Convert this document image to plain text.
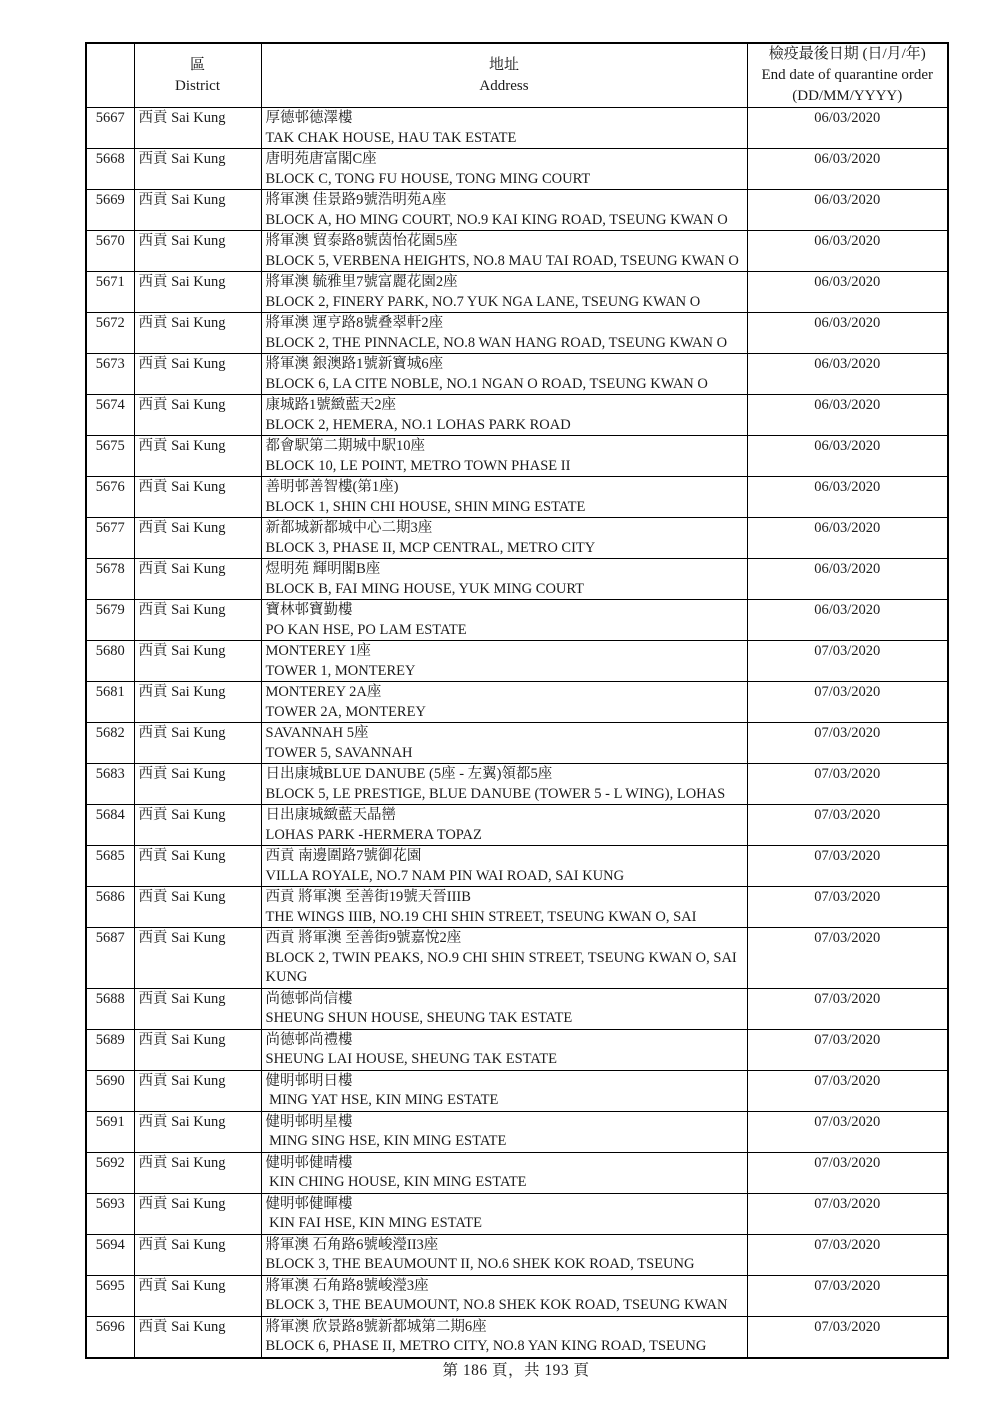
區
District

地址
Address

檢疫最後日期 (日/月/年)
End date of quarantine order
(DD/MM/YYYY)

5667	西貢 Sai Kung	厚德邨德澤樓
TAK CHAK HOUSE, HAU TAK ESTATE	06/03/2020
5668	西貢 Sai Kung	唐明苑唐富閣C座
BLOCK C, TONG FU HOUSE, TONG MING COURT	06/03/2020
5669	西貢 Sai Kung	將軍澳 佳景路9號浩明苑A座
BLOCK A, HO MING COURT, NO.9 KAI KING ROAD, TSEUNG KWAN O	06/03/2020
5670	西貢 Sai Kung	將軍澳 貿泰路8號茵怡花園5座
BLOCK 5, VERBENA HEIGHTS, NO.8 MAU TAI ROAD, TSEUNG KWAN O	06/03/2020
5671	西貢 Sai Kung	將軍澳 毓雅里7號富麗花園2座
BLOCK 2, FINERY PARK, NO.7 YUK NGA LANE, TSEUNG KWAN O	06/03/2020
5672	西貢 Sai Kung	將軍澳 運亨路8號叠翠軒2座
BLOCK 2, THE PINNACLE, NO.8 WAN HANG ROAD, TSEUNG KWAN O	06/03/2020
5673	西貢 Sai Kung	將軍澳 銀澳路1號新寶城6座
BLOCK 6, LA CITE NOBLE, NO.1 NGAN O ROAD, TSEUNG KWAN O	06/03/2020
5674	西貢 Sai Kung	康城路1號緻藍天2座
BLOCK 2, HEMERA, NO.1 LOHAS PARK ROAD	06/03/2020
5675	西貢 Sai Kung	都會駅第二期城中駅10座
BLOCK 10, LE POINT, METRO TOWN PHASE II	06/03/2020
5676	西貢 Sai Kung	善明邨善智樓(第1座)
BLOCK 1, SHIN CHI HOUSE, SHIN MING ESTATE	06/03/2020
5677	西貢 Sai Kung	新都城新都城中心二期3座
BLOCK 3, PHASE II, MCP CENTRAL, METRO CITY	06/03/2020
5678	西貢 Sai Kung	煜明苑 輝明閣B座
BLOCK B, FAI MING HOUSE, YUK MING COURT	06/03/2020
5679	西貢 Sai Kung	寶林邨寶勤樓
PO KAN HSE, PO LAM ESTATE	06/03/2020
5680	西貢 Sai Kung	MONTEREY 1座
TOWER 1, MONTEREY	07/03/2020
5681	西貢 Sai Kung	MONTEREY 2A座
TOWER 2A, MONTEREY	07/03/2020
5682	西貢 Sai Kung	SAVANNAH 5座
TOWER 5, SAVANNAH	07/03/2020
5683	西貢 Sai Kung	日出康城BLUE DANUBE (5座 - 左翼)領都5座
BLOCK 5, LE PRESTIGE, BLUE DANUBE (TOWER 5 - L WING), LOHAS	07/03/2020
5684	西貢 Sai Kung	日出康城緻藍天晶巒
LOHAS PARK -HERMERA TOPAZ	07/03/2020
5685	西貢 Sai Kung	西貢 南邊圍路7號御花園
VILLA ROYALE, NO.7 NAM PIN WAI ROAD, SAI KUNG	07/03/2020
5686	西貢 Sai Kung	西貢 將軍澳 至善街19號天晉IIIB
THE WINGS IIIB, NO.19 CHI SHIN STREET, TSEUNG KWAN O, SAI	07/03/2020
5687	西貢 Sai Kung	西貢 將軍澳 至善街9號嘉悅2座
BLOCK 2, TWIN PEAKS, NO.9 CHI SHIN STREET, TSEUNG KWAN O, SAI
KUNG	07/03/2020
5688	西貢 Sai Kung	尚德邨尚信樓
SHEUNG SHUN HOUSE, SHEUNG TAK ESTATE	07/03/2020
5689	西貢 Sai Kung	尚德邨尚禮樓
SHEUNG LAI HOUSE, SHEUNG TAK ESTATE	07/03/2020
5690	西貢 Sai Kung	健明邨明日樓
MING YAT HSE, KIN MING ESTATE	07/03/2020
5691	西貢 Sai Kung	健明邨明星樓
MING SING HSE, KIN MING ESTATE	07/03/2020
5692	西貢 Sai Kung	健明邨健晴樓
KIN CHING HOUSE, KIN MING ESTATE	07/03/2020
5693	西貢 Sai Kung	健明邨健暉樓
KIN FAI HSE, KIN MING ESTATE	07/03/2020
5694	西貢 Sai Kung	將軍澳 石角路6號峻瀅II3座
BLOCK 3, THE BEAUMOUNT II, NO.6 SHEK KOK ROAD, TSEUNG	07/03/2020
5695	西貢 Sai Kung	將軍澳 石角路8號峻瀅3座
BLOCK 3, THE BEAUMOUNT, NO.8 SHEK KOK ROAD, TSEUNG KWAN	07/03/2020
5696	西貢 Sai Kung	將軍澳 欣景路8號新都城第二期6座
BLOCK 6, PHASE II, METRO CITY, NO.8 YAN KING ROAD, TSEUNG	07/03/2020
第 186 頁，共 193 頁
